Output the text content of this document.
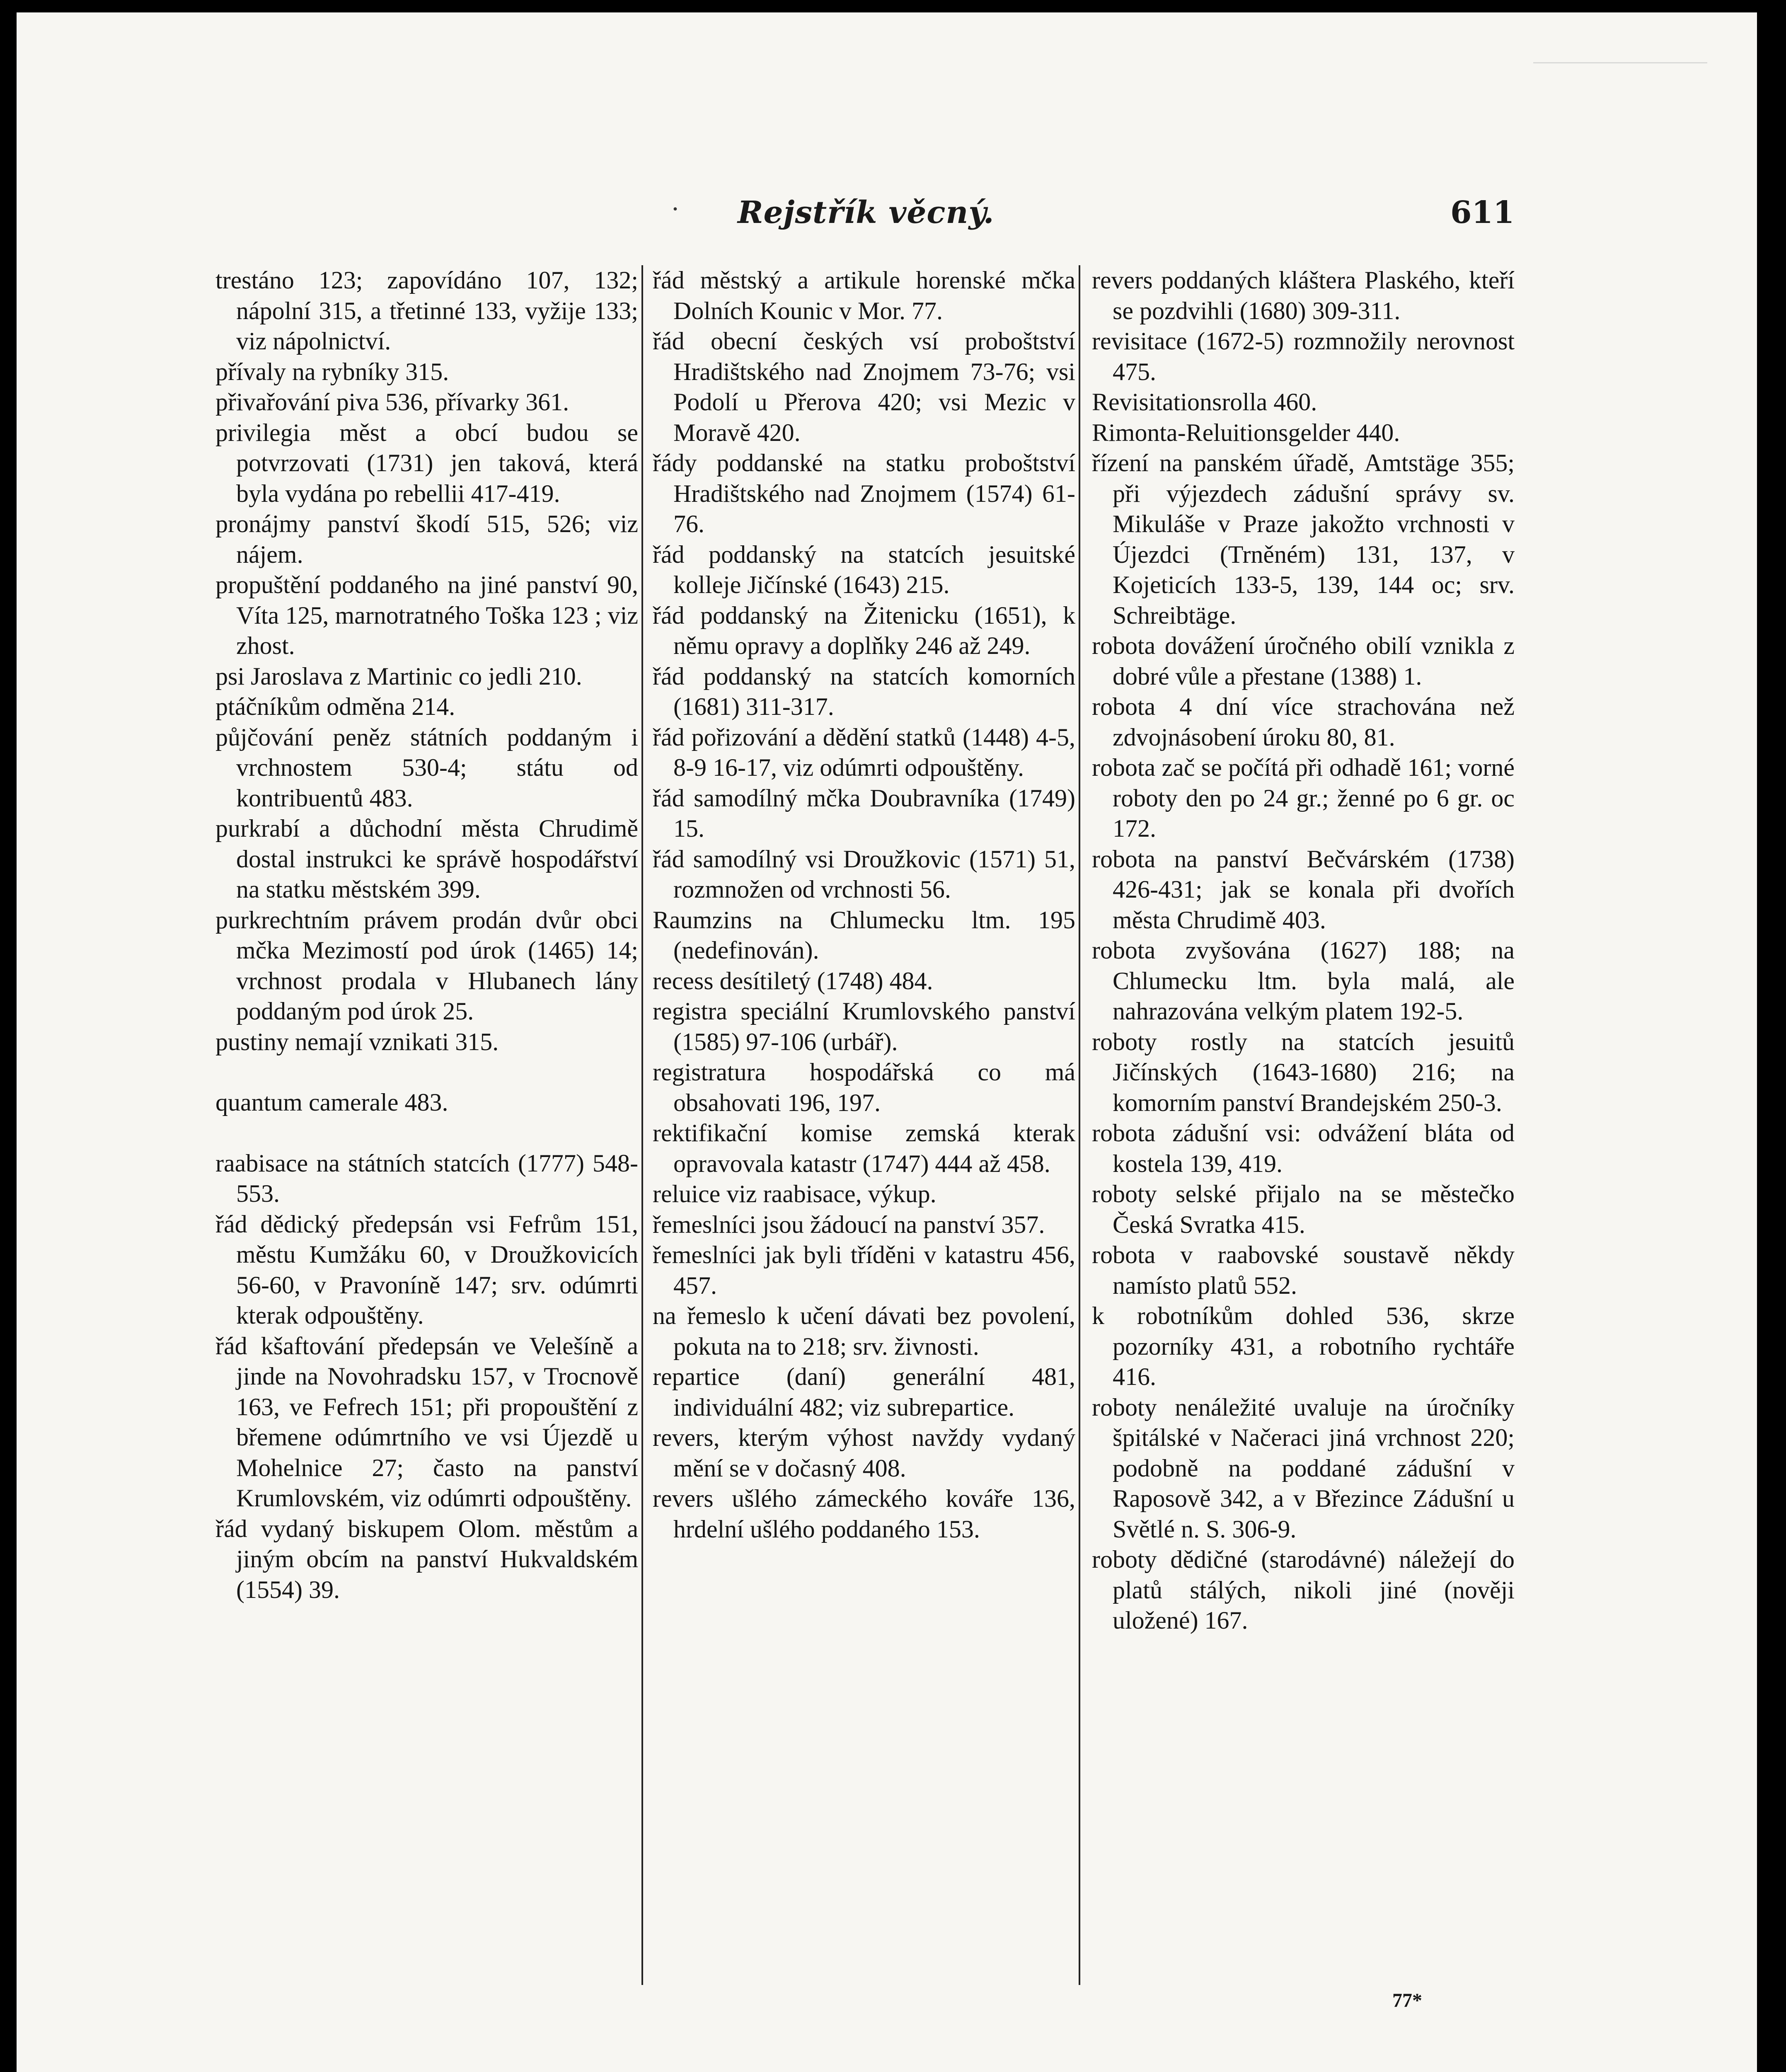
· Rejstřík věcný.	611

trestáno 123; zapovídáno 107, 132; nápolní 315, a třetinné 133, vyžije 133; viz nápolnictví.

přívaly na rybníky 315.

přivařování piva 536, přívarky 361.

privilegia měst a obcí budou se potvrzovati (1731) jen taková, která byla vydána po rebellii 417-419.

pronájmy panství škodí 515, 526; viz nájem.

propuštění poddaného na jiné panství 90, Víta 125, marnotratného Toška 123 ; viz zhost.

psi Jaroslava z Martinic co jedli 210.

ptáčníkům odměna 214.

půjčování peněz státních poddaným i vrchnostem 530-4; státu od kontribuentů 483.

purkrabí a důchodní města Chrudimě dostal instrukci ke správě hospodářství na statku městském 399.

purkrechtním právem prodán dvůr obci mčka Mezimostí pod úrok (1465) 14; vrchnost prodala v Hlubanech lány poddaným pod úrok 25.

pustiny nemají vznikati 315.

quantum camerale 483.

raabisace na státních statcích (1777) 548-553.

řád dědický předepsán vsi Fefrům 151, městu Kumžáku 60, v Droužkovicích 56-60, v Pravoníně 147; srv. odúmrti kterak odpouštěny.

řád kšaftování předepsán ve Velešíně a jinde na Novohradsku 157, v Trocnově 163, ve Fefrech 151; při propouštění z břemene odúmrtního ve vsi Újezdě u Mohelnice 27; často na panství Krumlovském, viz odúmrti odpouštěny.

řád vydaný biskupem Olom. městům a jiným obcím na panství Hukvaldském (1554) 39.

řád městský a artikule horenské mčka Dolních Kounic v Mor. 77.

řád obecní českých vsí proboštství Hradištského nad Znojmem 73-76; vsi Podolí u Přerova 420; vsi Mezic v Moravě 420.

řády poddanské na statku proboštství Hradištského nad Znojmem (1574) 61-76.

řád poddanský na statcích jesuitské kolleje Jičínské (1643) 215.

řád poddanský na Žitenicku (1651), k němu opravy a doplňky 246 až 249.

řád poddanský na statcích komorních (1681) 311-317.

řád pořizování a dědění statků (1448) 4-5, 8-9 16-17, viz odúmrti odpouštěny.

řád samodílný mčka Doubravníka (1749) 15.

řád samodílný vsi Droužkovic (1571) 51, rozmnožen od vrchnosti 56.

Raumzins na Chlumecku ltm. 195 (nedefinován).

recess desítiletý (1748) 484.

registra speciální Krumlovského panství (1585) 97-106 (urbář).

registratura hospodářská co má obsahovati 196, 197.

rektifikační komise zemská kterak opravovala katastr (1747) 444 až 458.

reluice viz raabisace, výkup.

řemeslníci jsou žádoucí na panství 357.

řemeslníci jak byli tříděni v katastru 456, 457.

na řemeslo k učení dávati bez povolení, pokuta na to 218; srv. živnosti.

repartice (daní) generální 481, individuální 482; viz subrepartice.

revers, kterým výhost navždy vydaný mění se v dočasný 408.

revers ušlého zámeckého kováře 136, hrdelní ušlého poddaného 153.

revers poddaných kláštera Plaského, kteří se pozdvihli (1680) 309-311.

revisitace (1672-5) rozmnožily nerovnost 475.

Revisitationsrolla 460.

Rimonta-Reluitionsgelder 440.

řízení na panském úřadě, Amtstäge 355; při výjezdech zádušní správy sv. Mikuláše v Praze jakožto vrchnosti v Újezdci (Trněném) 131, 137, v Kojeticích 133-5, 139, 144 oc; srv. Schreibtäge.

robota dovážení úročného obilí vznikla z dobré vůle a přestane (1388) 1.

robota 4 dní více strachována než zdvojnásobení úroku 80, 81.

robota zač se počítá při odhadě 161; vorné roboty den po 24 gr.; ženné po 6 gr. oc 172.

robota na panství Bečvárském (1738) 426-431; jak se konala při dvořích města Chrudimě 403.

robota zvyšována (1627) 188; na Chlumecku ltm. byla malá, ale nahrazována velkým platem 192-5.

roboty rostly na statcích jesuitů Jičínských (1643-1680) 216; na komorním panství Brandejském 250-3.

robota zádušní vsi: odvážení bláta od kostela 139, 419.

roboty selské přijalo na se městečko Česká Svratka 415.

robota v raabovské soustavě někdy namísto platů 552.

k robotníkům dohled 536, skrze pozorníky 431, a robotního rychtáře 416.

roboty nenáležité uvaluje na úročníky špitálské v Načeraci jiná vrchnost 220; podobně na poddané zádušní v Raposově 342, a v Březince Zádušní u Světlé n. S. 306-9.

roboty dědičné (starodávné) náležejí do platů stálých, nikoli jiné (nověji uložené) 167.

77*
